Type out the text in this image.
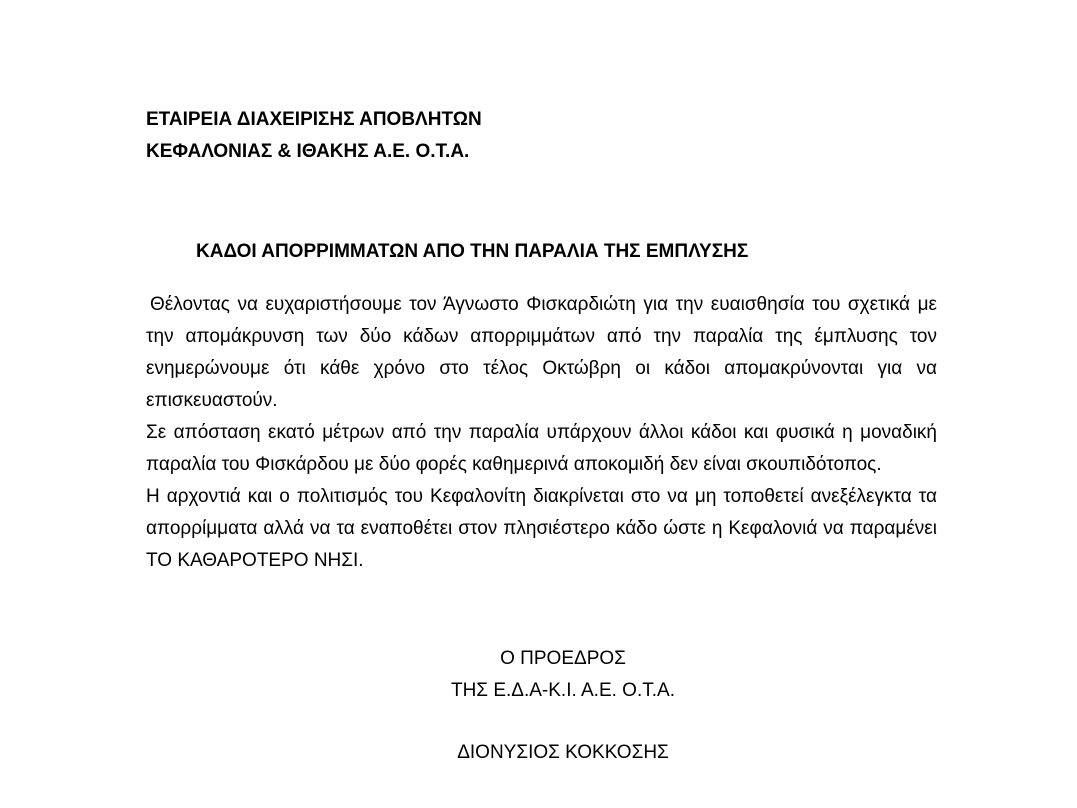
ΕΤΑΙΡΕΙΑ ΔΙΑΧΕΙΡΙΣΗΣ ΑΠΟΒΛΗΤΩΝ
ΚΕΦΑΛΟΝΙΑΣ & ΙΘΑΚΗΣ Α.Ε. Ο.Τ.Α.
ΚΑΔΟΙ ΑΠΟΡΡΙΜΜΑΤΩΝ ΑΠΟ ΤΗΝ ΠΑΡΑΛΙΑ ΤΗΣ ΕΜΠΛΥΣΗΣ

Θέλοντας να ευχαριστήσουμε τον Άγνωστο Φισκαρδιώτη για την ευαισθησία του σχετικά με την απομάκρυνση των δύο κάδων απορριμμάτων από την παραλία της έμπλυσης τον ενημερώνουμε ότι κάθε χρόνο στο τέλος Οκτώβρη οι κάδοι απομακρύνονται για να επισκευαστούν.

Σε απόσταση εκατό μέτρων από την παραλία υπάρχουν άλλοι κάδοι και φυσικά η μοναδική παραλία του Φισκάρδου με δύο φορές καθημερινά αποκομιδή δεν είναι σκουπιδότοπος.

Η αρχοντιά και ο πολιτισμός του Κεφαλονίτη διακρίνεται στο να μη τοποθετεί ανεξέλεγκτα τα απορρίμματα αλλά να τα εναποθέτει στον πλησιέστερο κάδο ώστε η Κεφαλονιά να παραμένει ΤΟ ΚΑΘΑΡΟΤΕΡΟ ΝΗΣΙ.

Ο ΠΡΟΕΔΡΟΣ
ΤΗΣ Ε.Δ.Α-Κ.Ι. Α.Ε. Ο.Τ.Α.
ΔΙΟΝΥΣΙΟΣ ΚΟΚΚΟΣΗΣ
